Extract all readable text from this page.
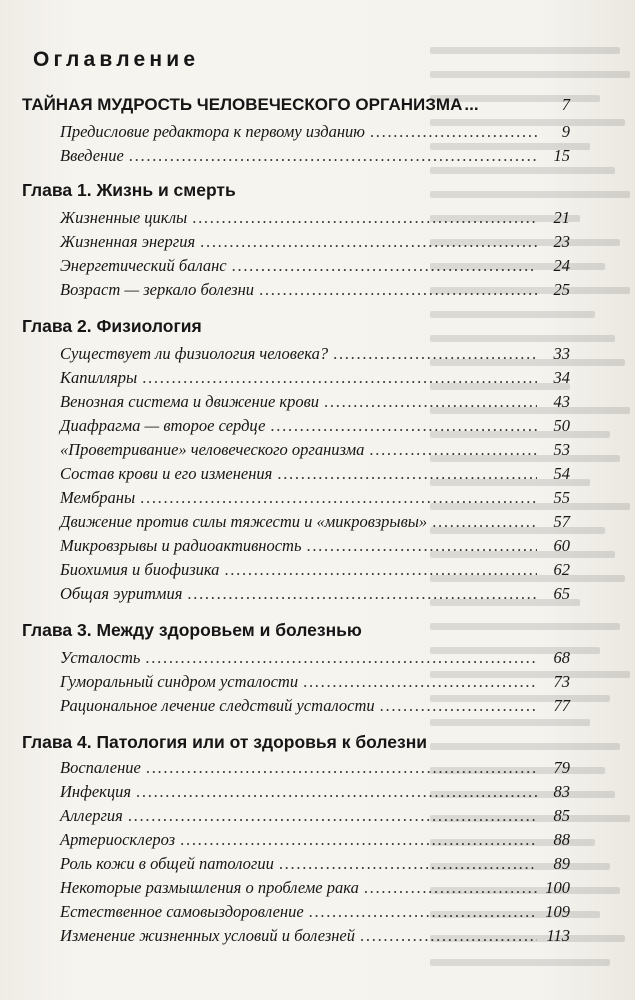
Оглавление
ТАЙНАЯ МУДРОСТЬ ЧЕЛОВЕЧЕСКОГО ОРГАНИЗМА ...	7
Предисловие редактора к первому изданию . . .	9
Введение . . .	15
Глава 1. Жизнь и смерть
Жизненные циклы . . .	21
Жизненная энергия . . .	23
Энергетический баланс . . .	24
Возраст — зеркало болезни . . .	25
Глава 2. Физиология
Существует ли физиология человека? . . .	33
Капилляры . . .	34
Венозная система и движение крови . . .	43
Диафрагма — второе сердце . . .	50
«Проветривание» человеческого организма . . .	53
Состав крови и его изменения . . .	54
Мембраны . . .	55
Движение против силы тяжести и «микровзрывы» . . .	57
Микровзрывы и радиоактивность . . .	60
Биохимия и биофизика . . .	62
Общая эуритмия . . .	65
Глава 3. Между здоровьем и болезнью
Усталость . . .	68
Гуморальный синдром усталости . . .	73
Рациональное лечение следствий усталости . . .	77
Глава 4. Патология или от здоровья к болезни
Воспаление . . .	79
Инфекция . . .	83
Аллергия . . .	85
Артериосклероз . . .	88
Роль кожи в общей патологии . . .	89
Некоторые размышления о проблеме рака . . .	100
Естественное самовыздоровление . . .	109
Изменение жизненных условий и болезней . . .	113
